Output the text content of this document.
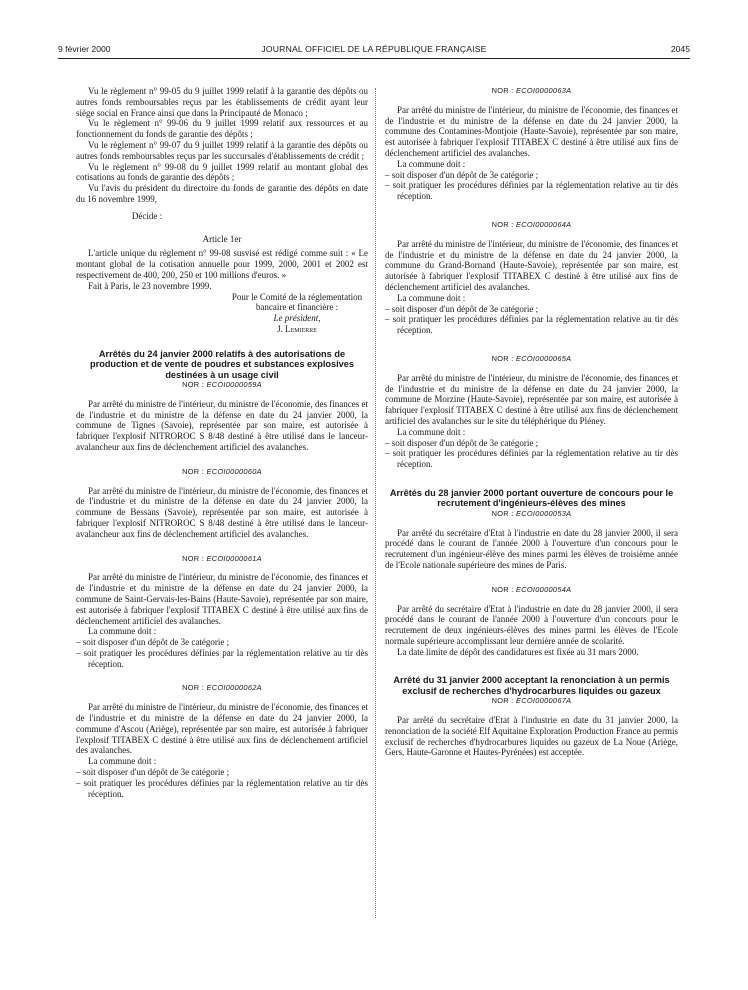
9 février 2000	JOURNAL OFFICIEL DE LA RÉPUBLIQUE FRANÇAISE	2045

Vu le règlement n° 99-05 du 9 juillet 1999 relatif à la garantie des dépôts ou autres fonds remboursables reçus par les établissements de crédit ayant leur siège social en France ainsi que dans la Principauté de Monaco ;

Vu le règlement n° 99-06 du 9 juillet 1999 relatif aux ressources et au fonctionnement du fonds de garantie des dépôts ;

Vu le règlement n° 99-07 du 9 juillet 1999 relatif à la garantie des dépôts ou autres fonds remboursables reçus par les succursales d'établissements de crédit ;

Vu le règlement n° 99-08 du 9 juillet 1999 relatif au montant global des cotisations au fonds de garantie des dépôts ;

Vu l'avis du président du directoire du fonds de garantie des dépôts en date du 16 novembre 1999,

Décide :

Article 1er

L'article unique du règlement n° 99-08 susvisé est rédigé comme suit : « Le montant global de la cotisation annuelle pour 1999, 2000, 2001 et 2002 est respectivement de 400, 200, 250 et 100 millions d'euros. »

Fait à Paris, le 23 novembre 1999.

Pour le Comité de la réglementation bancaire et financière :
Le président,
J. Lemierre
Arrêtés du 24 janvier 2000 relatifs à des autorisations de production et de vente de poudres et substances explosives destinées à un usage civil

NOR : ECOI0000059A

Par arrêté du ministre de l'intérieur, du ministre de l'économie, des finances et de l'industrie et du ministre de la défense en date du 24 janvier 2000, la commune de Tignes (Savoie), représentée par son maire, est autorisée à fabriquer l'explosif NITROROC S 8/48 destiné à être utilisé dans le lanceur-avalancheur aux fins de déclenchement artificiel des avalanches.

NOR : ECOI0000060A

Par arrêté du ministre de l'intérieur, du ministre de l'économie, des finances et de l'industrie et du ministre de la défense en date du 24 janvier 2000, la commune de Bessans (Savoie), représentée par son maire, est autorisée à fabriquer l'explosif NITROROC S 8/48 destiné à être utilisé dans le lanceur-avalancheur aux fins de déclenchement artificiel des avalanches.

NOR : ECOI0000061A

Par arrêté du ministre de l'intérieur, du ministre de l'économie, des finances et de l'industrie et du ministre de la défense en date du 24 janvier 2000, la commune de Saint-Gervais-les-Bains (Haute-Savoie), représentée par son maire, est autorisée à fabriquer l'explosif TITABEX C destiné à être utilisé aux fins de déclenchement artificiel des avalanches.

La commune doit :

– soit disposer d'un dépôt de 3e catégorie ;

– soit pratiquer les procédures définies par la réglementation relative au tir dès réception.

NOR : ECOI0000062A

Par arrêté du ministre de l'intérieur, du ministre de l'économie, des finances et de l'industrie et du ministre de la défense en date du 24 janvier 2000, la commune d'Ascou (Ariège), représentée par son maire, est autorisée à fabriquer l'explosif TITABEX C destiné à être utilisé aux fins de déclenchement artificiel des avalanches.

La commune doit :

– soit disposer d'un dépôt de 3e catégorie ;

– soit pratiquer les procédures définies par la réglementation relative au tir dès réception.

NOR : ECOI0000063A

Par arrêté du ministre de l'intérieur, du ministre de l'économie, des finances et de l'industrie et du ministre de la défense en date du 24 janvier 2000, la commune des Contamines-Montjoie (Haute-Savoie), représentée par son maire, est autorisée à fabriquer l'explosif TITABEX C destiné à être utilisé aux fins de déclenchement artificiel des avalanches.

La commune doit :

– soit disposer d'un dépôt de 3e catégorie ;

– soit pratiquer les procédures définies par la réglementation relative au tir dès réception.

NOR : ECOI0000064A

Par arrêté du ministre de l'intérieur, du ministre de l'économie, des finances et de l'industrie et du ministre de la défense en date du 24 janvier 2000, la commune du Grand-Bornand (Haute-Savoie), représentée par son maire, est autorisée à fabriquer l'explosif TITABEX C destiné à être utilisé aux fins de déclenchement artificiel des avalanches.

La commune doit :

– soit disposer d'un dépôt de 3e catégorie ;

– soit pratiquer les procédures définies par la réglementation relative au tir dès réception.

NOR : ECOI0000065A

Par arrêté du ministre de l'intérieur, du ministre de l'économie, des finances et de l'industrie et du ministre de la défense en date du 24 janvier 2000, la commune de Morzine (Haute-Savoie), représentée par son maire, est autorisée à fabriquer l'explosif TITABEX C destiné à être utilisé aux fins de déclenchement artificiel des avalanches sur le site du téléphérique du Pléney.

La commune doit :

– soit disposer d'un dépôt de 3e catégorie ;

– soit pratiquer les procédures définies par la réglementation relative au tir dès réception.

Arrêtés du 28 janvier 2000 portant ouverture de concours pour le recrutement d'ingénieurs-élèves des mines

NOR : ECOI0000053A

Par arrêté du secrétaire d'Etat à l'industrie en date du 28 janvier 2000, il sera procédé dans le courant de l'année 2000 à l'ouverture d'un concours pour le recrutement d'un ingénieur-élève des mines parmi les élèves de troisième année de l'Ecole nationale supérieure des mines de Paris.

NOR : ECOI0000054A

Par arrêté du secrétaire d'Etat à l'industrie en date du 28 janvier 2000, il sera procédé dans le courant de l'année 2000 à l'ouverture d'un concours pour le recrutement de deux ingénieurs-élèves des mines parmi les élèves de l'Ecole normale supérieure accomplissant leur dernière année de scolarité.

La date limite de dépôt des candidatures est fixée au 31 mars 2000.

Arrêté du 31 janvier 2000 acceptant la renonciation à un permis exclusif de recherches d'hydrocarbures liquides ou gazeux

NOR : ECOI0000067A

Par arrêté du secrétaire d'Etat à l'industrie en date du 31 janvier 2000, la renonciation de la société Elf Aquitaine Exploration Production France au permis exclusif de recherches d'hydrocarbures liquides ou gazeux de La Noue (Ariège, Gers, Haute-Garonne et Hautes-Pyrénées) est acceptée.
